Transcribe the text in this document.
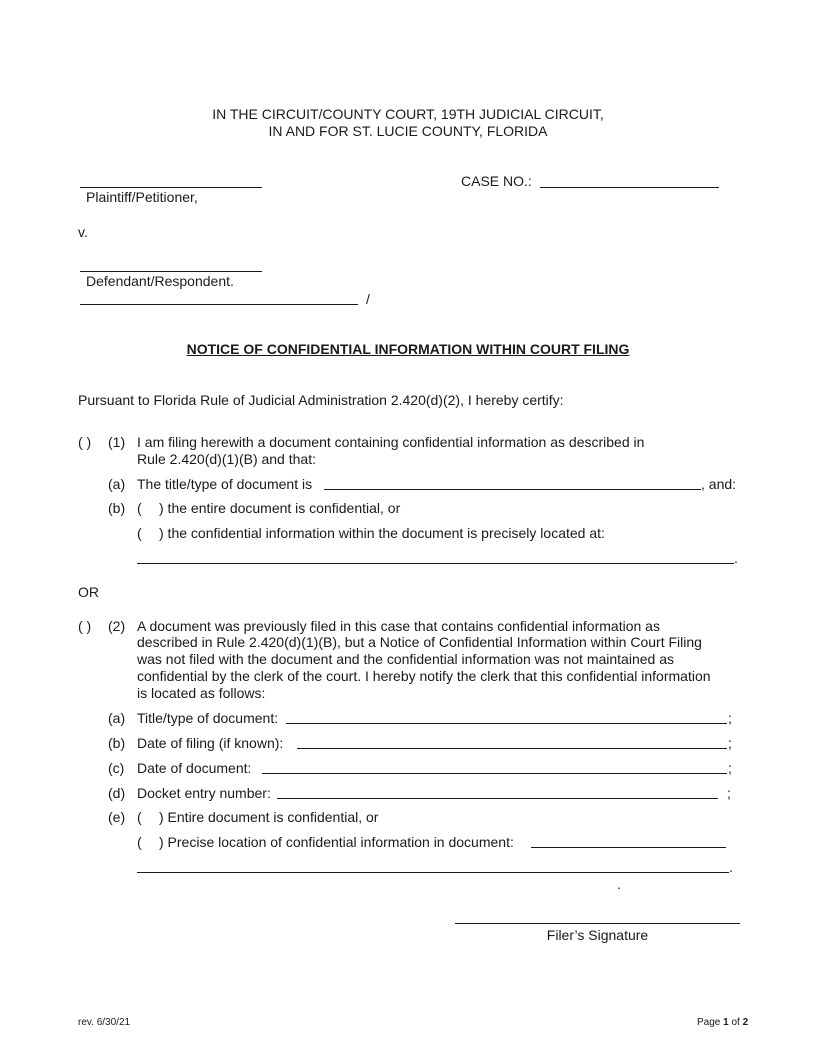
IN THE CIRCUIT/COUNTY COURT, 19TH JUDICIAL CIRCUIT,
IN AND FOR ST. LUCIE COUNTY, FLORIDA
Plaintiff/Petitioner,
CASE NO.:
v.
Defendant/Respondent.
/
NOTICE OF CONFIDENTIAL INFORMATION WITHIN COURT FILING
Pursuant to Florida Rule of Judicial Administration 2.420(d)(2), I hereby certify:
( ) (1) I am filing herewith a document containing confidential information as described in
Rule 2.420(d)(1)(B) and that:
(a) The title/type of document is	, and:
(b) ( ) the entire document is confidential, or
( ) the confidential information within the document is precisely located at:
.
OR
( ) (2) A document was previously filed in this case that contains confidential information as
described in Rule 2.420(d)(1)(B), but a Notice of Confidential Information within Court Filing
was not filed with the document and the confidential information was not maintained as
confidential by the clerk of the court. I hereby notify the clerk that this confidential information
is located as follows:
(a) Title/type of document:	;
(b) Date of filing (if known):	;
(c) Date of document:	;
(d) Docket entry number:	;
(e) ( ) Entire document is confidential, or
( ) Precise location of confidential information in document:
.
.
Filer’s Signature
rev. 6/30/21	Page 1 of 2
